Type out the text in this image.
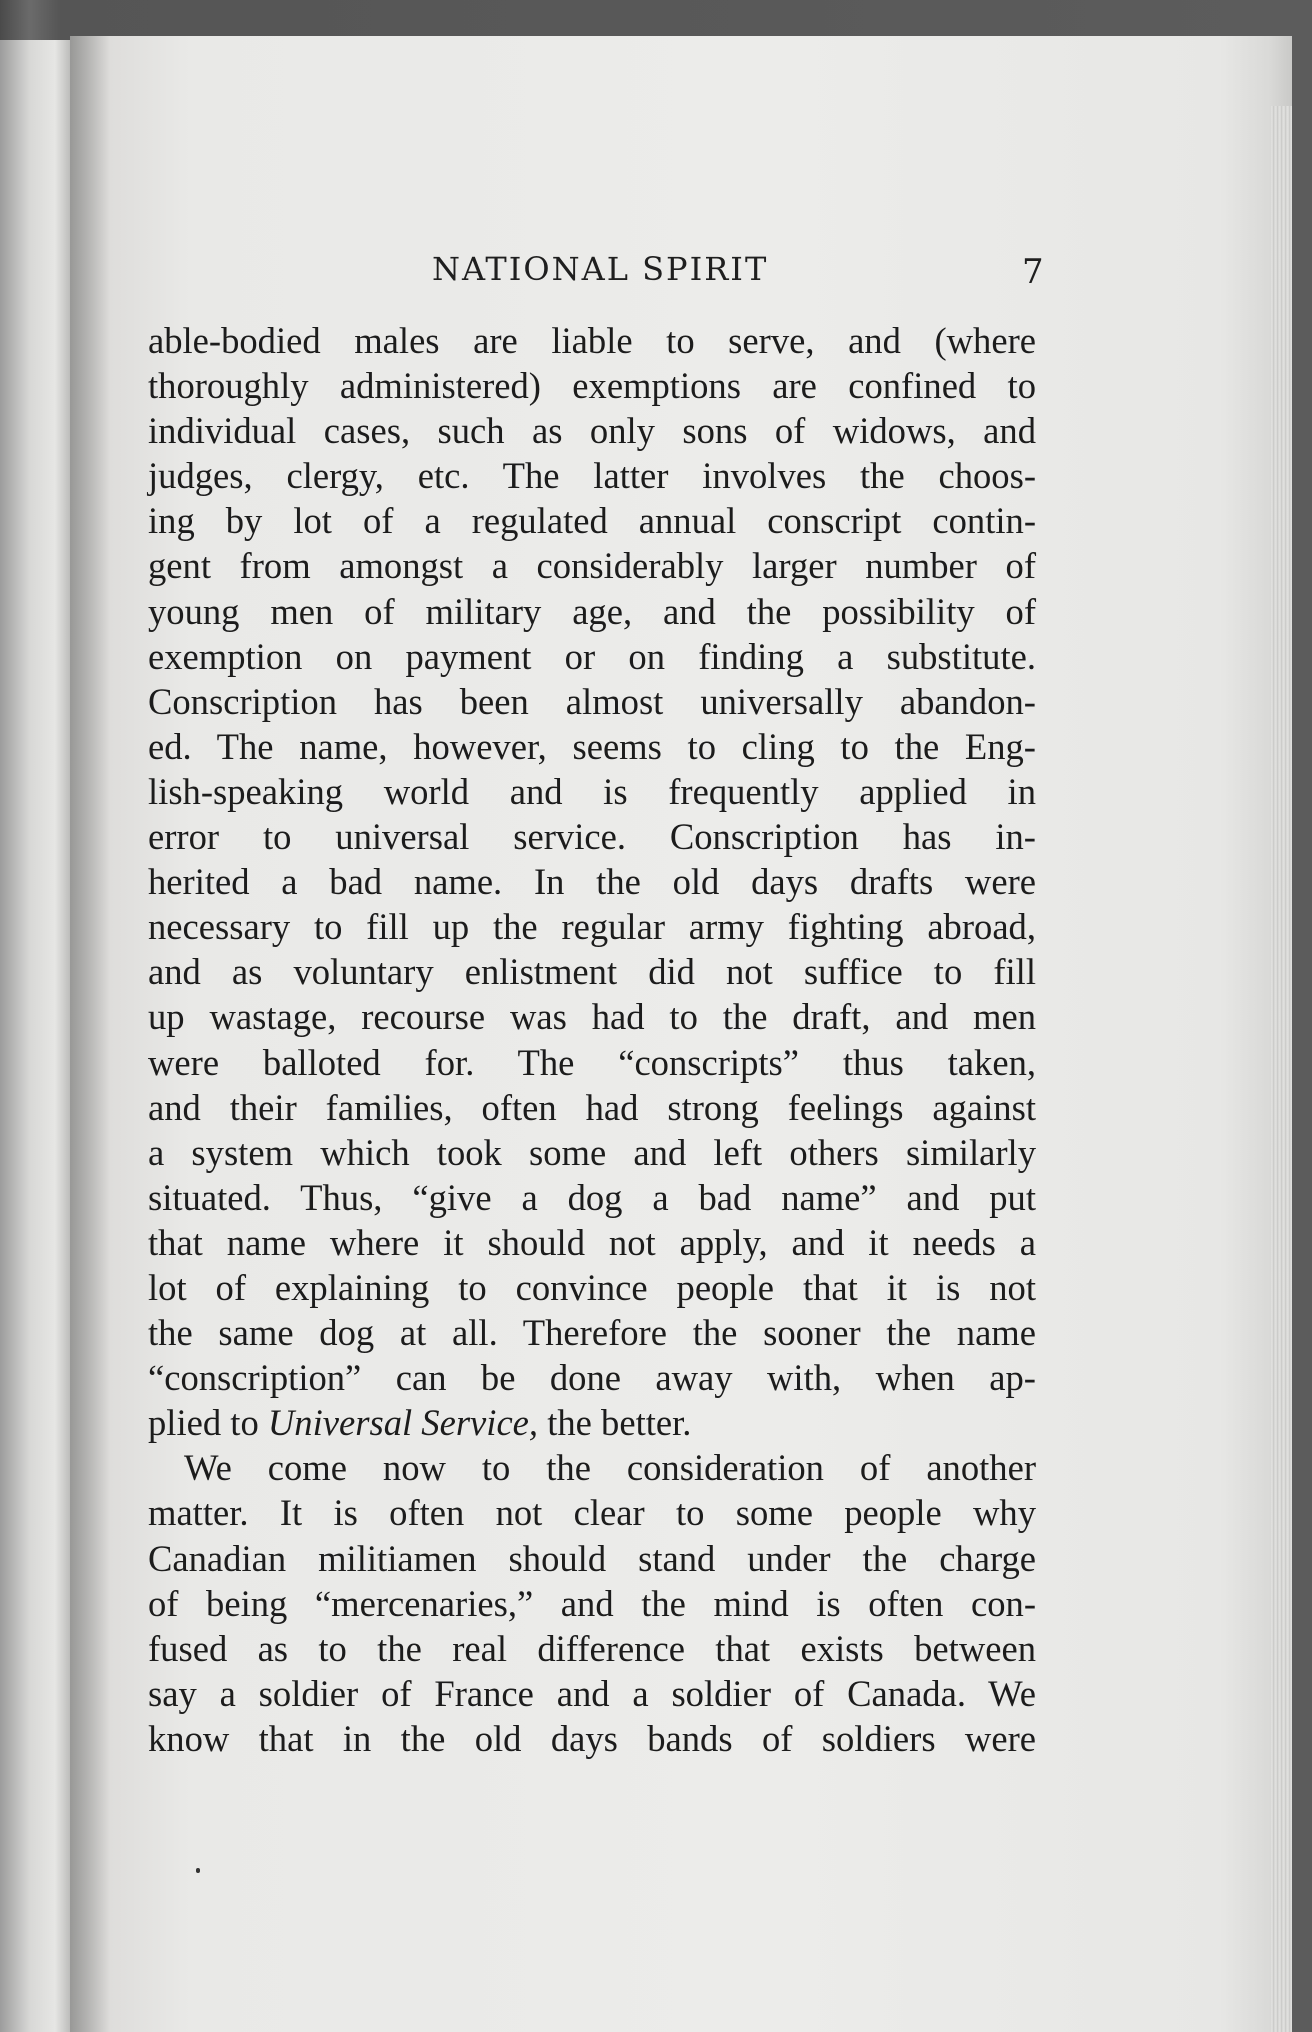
NATIONAL SPIRIT	7
able-bodied males are liable to serve, and (where
thoroughly administered) exemptions are confined to
individual cases, such as only sons of widows, and
judges, clergy, etc. The latter involves the choos-
ing by lot of a regulated annual conscript contin-
gent from amongst a considerably larger number of
young men of military age, and the possibility of
exemption on payment or on finding a substitute.
Conscription has been almost universally abandon-
ed. The name, however, seems to cling to the Eng-
lish-speaking world and is frequently applied in
error to universal service. Conscription has in-
herited a bad name. In the old days drafts were
necessary to fill up the regular army fighting abroad,
and as voluntary enlistment did not suffice to fill
up wastage, recourse was had to the draft, and men
were balloted for. The “conscripts” thus taken,
and their families, often had strong feelings against
a system which took some and left others similarly
situated. Thus, “give a dog a bad name” and put
that name where it should not apply, and it needs a
lot of explaining to convince people that it is not
the same dog at all. Therefore the sooner the name
“conscription” can be done away with, when ap-
plied to Universal Service, the better.
We come now to the consideration of another
matter. It is often not clear to some people why
Canadian militiamen should stand under the charge
of being “mercenaries,” and the mind is often con-
fused as to the real difference that exists between
say a soldier of France and a soldier of Canada. We
know that in the old days bands of soldiers were
